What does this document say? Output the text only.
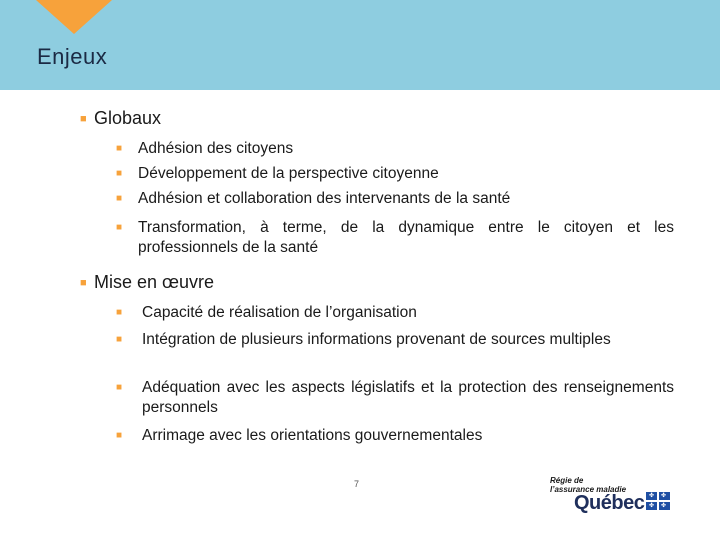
Enjeux
■ Globaux
■	Adhésion des citoyens
■	Développement de la perspective citoyenne
■	Adhésion et collaboration des intervenants de la santé
■	Transformation, à terme, de la dynamique entre le citoyen et les professionnels de la santé
■ Mise en œuvre
■	Capacité de réalisation de l’organisation
■	Intégration de plusieurs informations provenant de sources multiples
■	Adéquation avec les aspects législatifs et la protection des renseignements personnels
■	Arrimage avec les orientations gouvernementales
7	Régie de
l’assurance maladie
Québec ✤ ✤
✤ ✤
